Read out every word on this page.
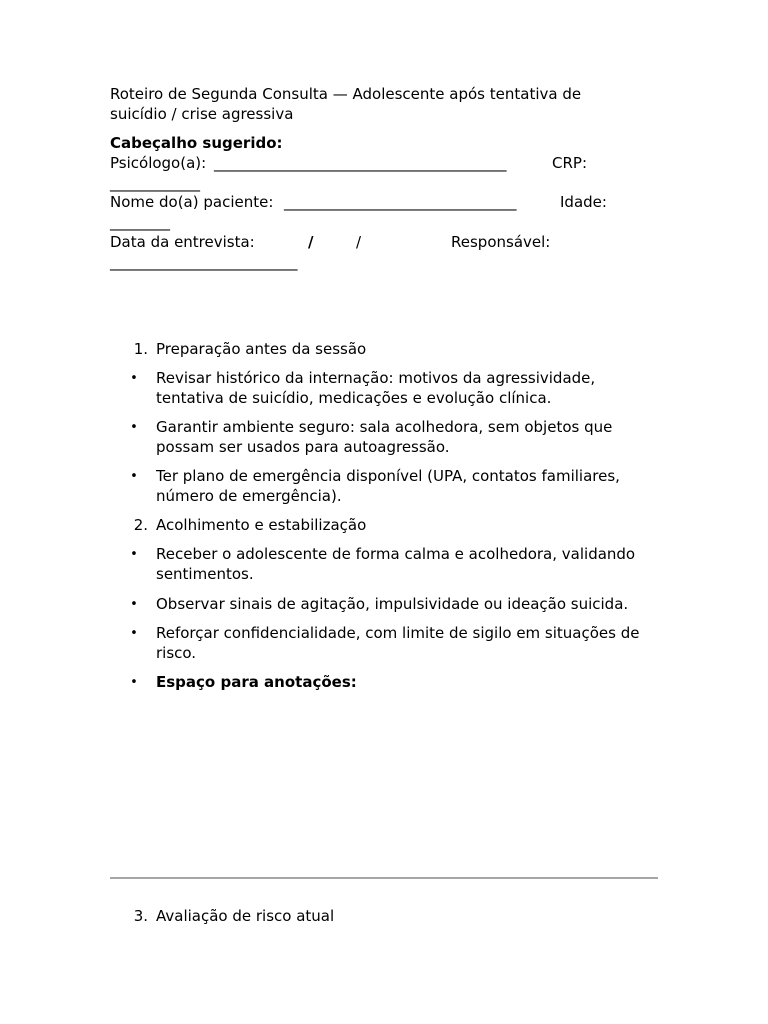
Roteiro de Segunda Consulta — Adolescente após tentativa de
suicídio / crise agressiva
Cabeçalho sugerido:
Psicólogo(a): _______________________________________	CRP:
____________
Nome do(a) paciente: _______________________________	Idade:
________
Data da entrevista:	/	/	Responsável:
_________________________
1. Preparação antes da sessão
• Revisar histórico da internação: motivos da agressividade, tentativa de suicídio, medicações e evolução clínica.
• Garantir ambiente seguro: sala acolhedora, sem objetos que possam ser usados para autoagressão.
• Ter plano de emergência disponível (UPA, contatos familiares, número de emergência).
2. Acolhimento e estabilização
• Receber o adolescente de forma calma e acolhedora, validando sentimentos.
• Observar sinais de agitação, impulsividade ou ideação suicida.
• Reforçar confidencialidade, com limite de sigilo em situações de risco.
• Espaço para anotações:
3. Avaliação de risco atual
